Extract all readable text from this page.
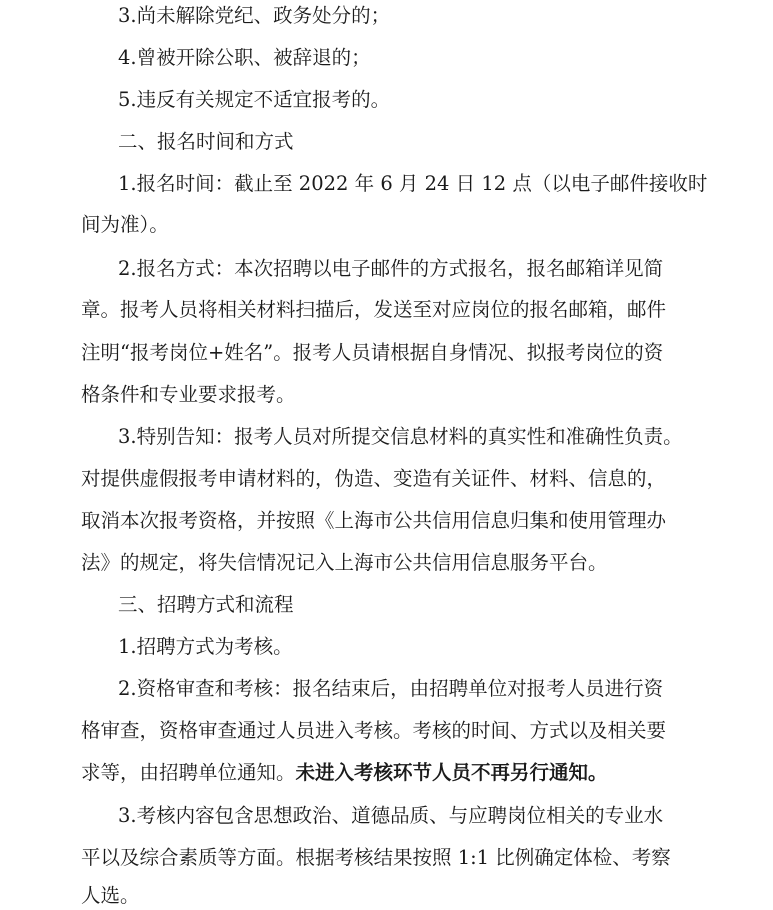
3.尚未解除党纪、政务处分的；
4.曾被开除公职、被辞退的；
5.违反有关规定不适宜报考的。
二、报名时间和方式
1.报名时间：截止至 2022 年 6 月 24 日 12 点（以电子邮件接收时
间为准）。
2.报名方式：本次招聘以电子邮件的方式报名，报名邮箱详见简
章。报考人员将相关材料扫描后，发送至对应岗位的报名邮箱，邮件
注明“报考岗位+姓名”。报考人员请根据自身情况、拟报考岗位的资
格条件和专业要求报考。
3.特别告知：报考人员对所提交信息材料的真实性和准确性负责。
对提供虚假报考申请材料的，伪造、变造有关证件、材料、信息的，
取消本次报考资格，并按照《上海市公共信用信息归集和使用管理办
法》的规定，将失信情况记入上海市公共信用信息服务平台。
三、招聘方式和流程
1.招聘方式为考核。
2.资格审查和考核：报名结束后，由招聘单位对报考人员进行资
格审查，资格审查通过人员进入考核。考核的时间、方式以及相关要
求等，由招聘单位通知。未进入考核环节人员不再另行通知。
3.考核内容包含思想政治、道德品质、与应聘岗位相关的专业水
平以及综合素质等方面。根据考核结果按照 1:1 比例确定体检、考察
人选。
